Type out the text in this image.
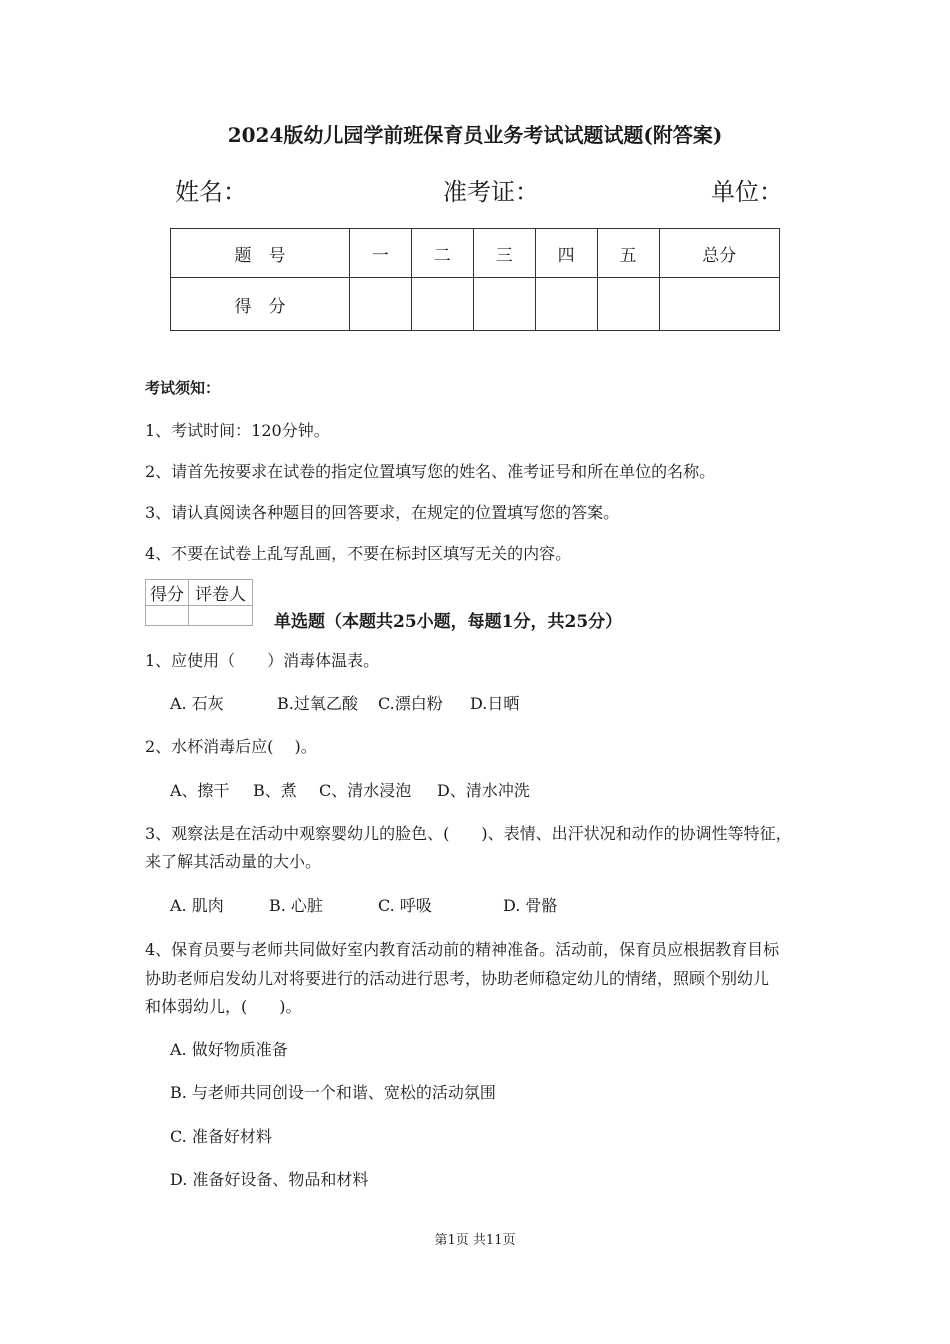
2024版幼儿园学前班保育员业务考试试题试题(附答案)
姓名：	准考证：	单位：
题　号	一	二	三	四	五	总分
得　分						
考试须知：
1、考试时间：120分钟。
2、请首先按要求在试卷的指定位置填写您的姓名、准考证号和所在单位的名称。
3、请认真阅读各种题目的回答要求，在规定的位置填写您的答案。
4、不要在试卷上乱写乱画，不要在标封区填写无关的内容。
得分	评卷人

单选题（本题共25小题，每题1分，共25分）
1、应使用（　　）消毒体温表。
A. 石灰	B.过氧乙酸 C.漂白粉 D.日晒
2、水杯消毒后应(　 )。
A、擦干 B、煮 C、清水浸泡 D、清水冲洗
3、观察法是在活动中观察婴幼儿的脸色、(　　)、表情、出汗状况和动作的协调性等特征，
来了解其活动量的大小。
A. 肌肉	B. 心脏	C. 呼吸	D. 骨骼
4、保育员要与老师共同做好室内教育活动前的精神准备。活动前，保育员应根据教育目标
协助老师启发幼儿对将要进行的活动进行思考，协助老师稳定幼儿的情绪，照顾个别幼儿
和体弱幼儿，(　　)。
A. 做好物质准备
B. 与老师共同创设一个和谐、宽松的活动氛围
C. 准备好材料
D. 准备好设备、物品和材料
第1页 共11页
